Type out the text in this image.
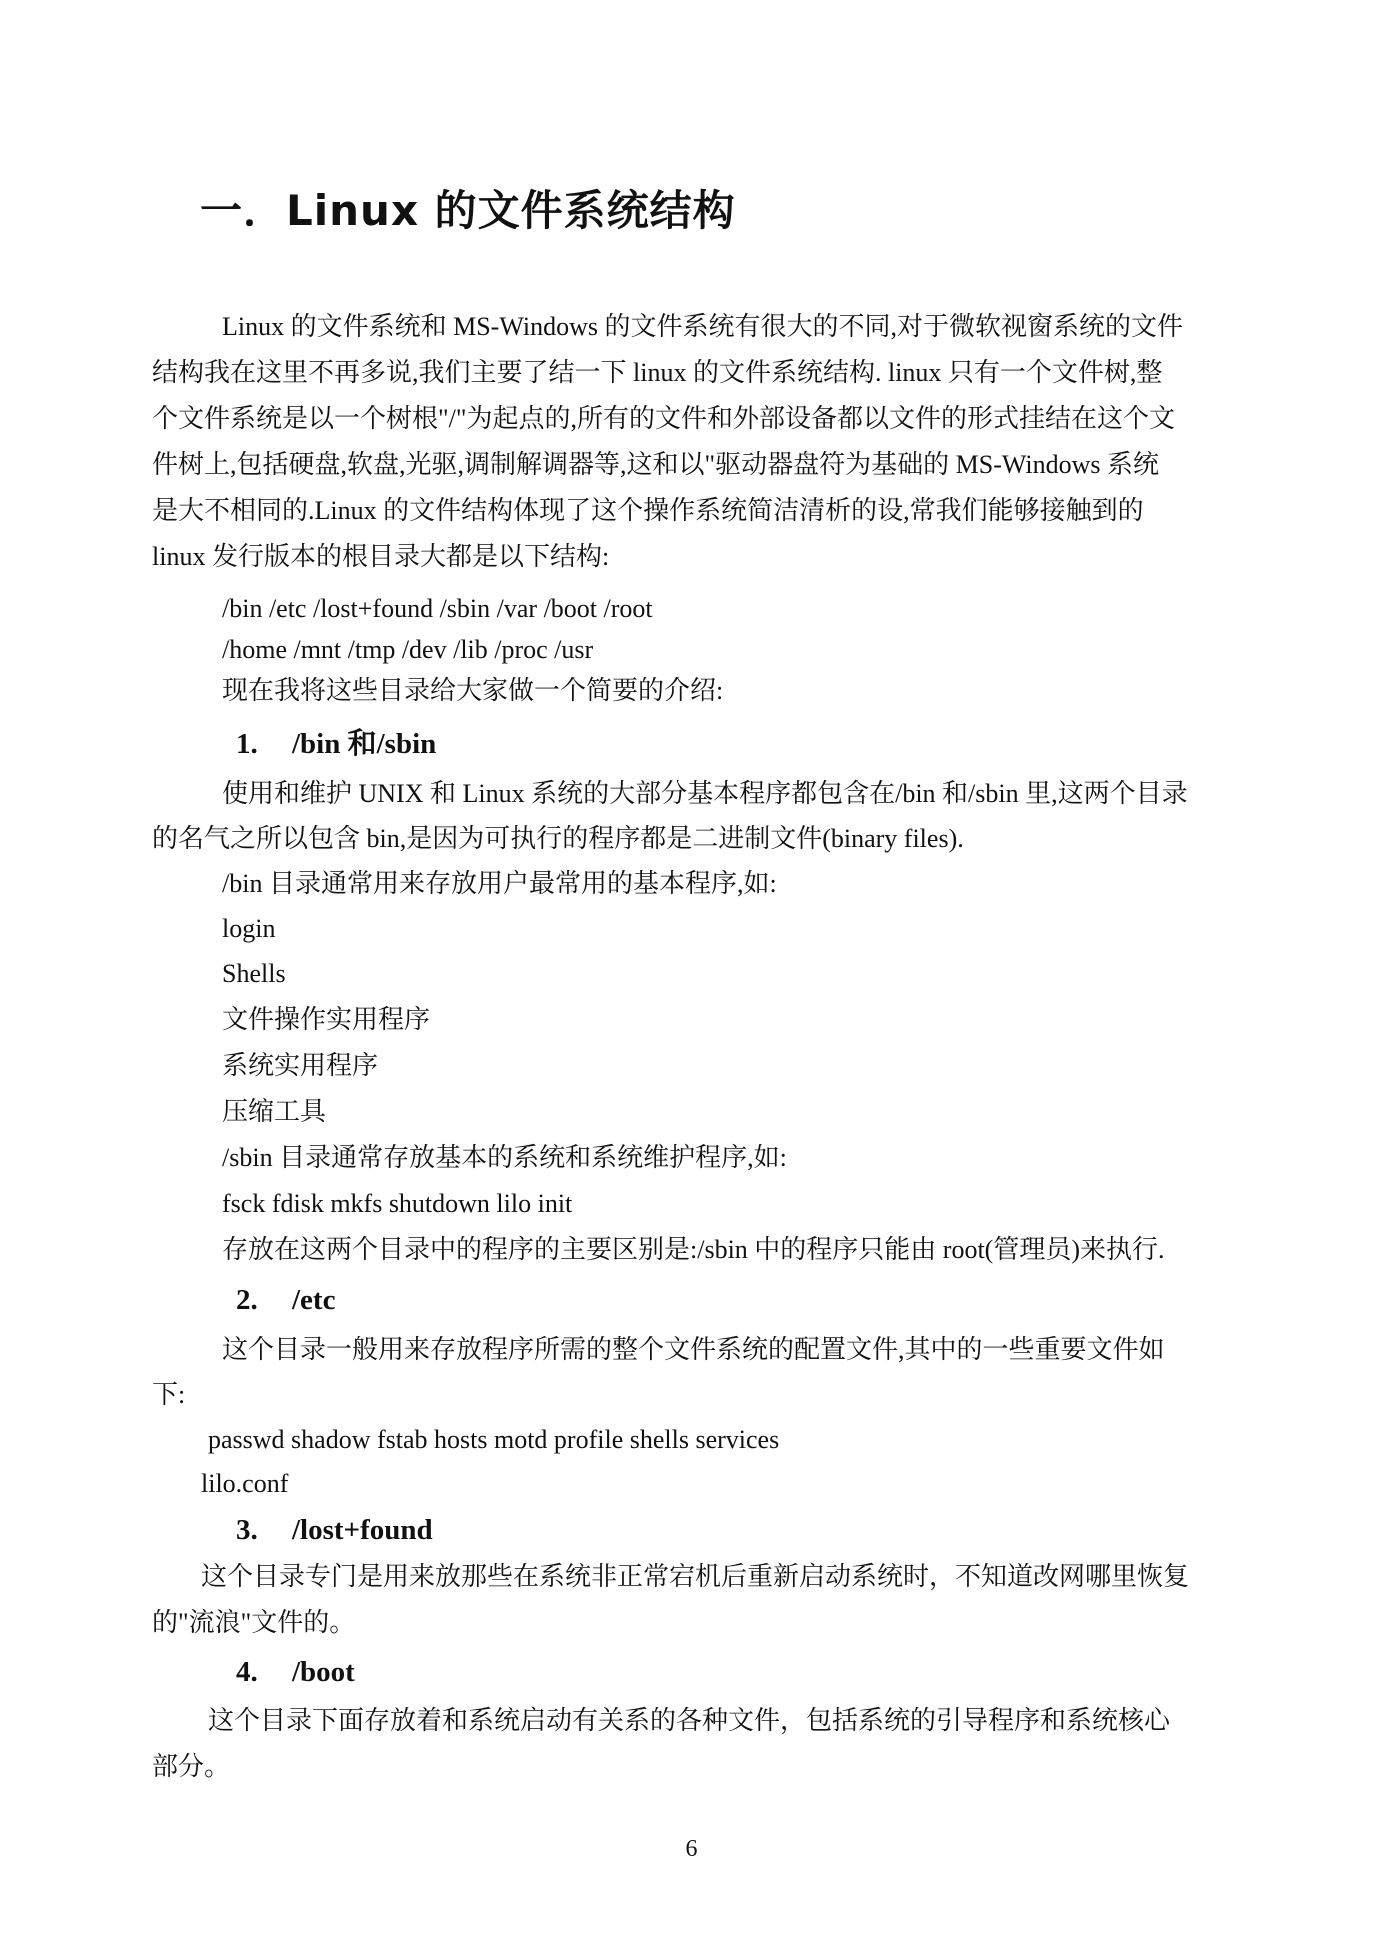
一．Linux 的文件系统结构
Linux 的文件系统和 MS-Windows 的文件系统有很大的不同,对于微软视窗系统的文件
结构我在这里不再多说,我们主要了结一下 linux 的文件系统结构. linux 只有一个文件树,整
个文件系统是以一个树根"/"为起点的,所有的文件和外部设备都以文件的形式挂结在这个文
件树上,包括硬盘,软盘,光驱,调制解调器等,这和以"驱动器盘符为基础的 MS-Windows 系统
是大不相同的.Linux 的文件结构体现了这个操作系统简洁清析的设,常我们能够接触到的
linux 发行版本的根目录大都是以下结构:
/bin /etc /lost+found /sbin /var /boot /root
/home /mnt /tmp /dev /lib /proc /usr
现在我将这些目录给大家做一个简要的介绍:
1. /bin 和/sbin
使用和维护 UNIX 和 Linux 系统的大部分基本程序都包含在/bin 和/sbin 里,这两个目录
的名气之所以包含 bin,是因为可执行的程序都是二进制文件(binary files).
/bin 目录通常用来存放用户最常用的基本程序,如:
login
Shells
文件操作实用程序
系统实用程序
压缩工具
/sbin 目录通常存放基本的系统和系统维护程序,如:
fsck fdisk mkfs shutdown lilo init
存放在这两个目录中的程序的主要区别是:/sbin 中的程序只能由 root(管理员)来执行.
2. /etc
这个目录一般用来存放程序所需的整个文件系统的配置文件,其中的一些重要文件如
下:
passwd shadow fstab hosts motd profile shells services
lilo.conf
3. /lost+found
这个目录专门是用来放那些在系统非正常宕机后重新启动系统时，不知道改网哪里恢复
的"流浪"文件的。
4. /boot
这个目录下面存放着和系统启动有关系的各种文件，包括系统的引导程序和系统核心
部分。
6
